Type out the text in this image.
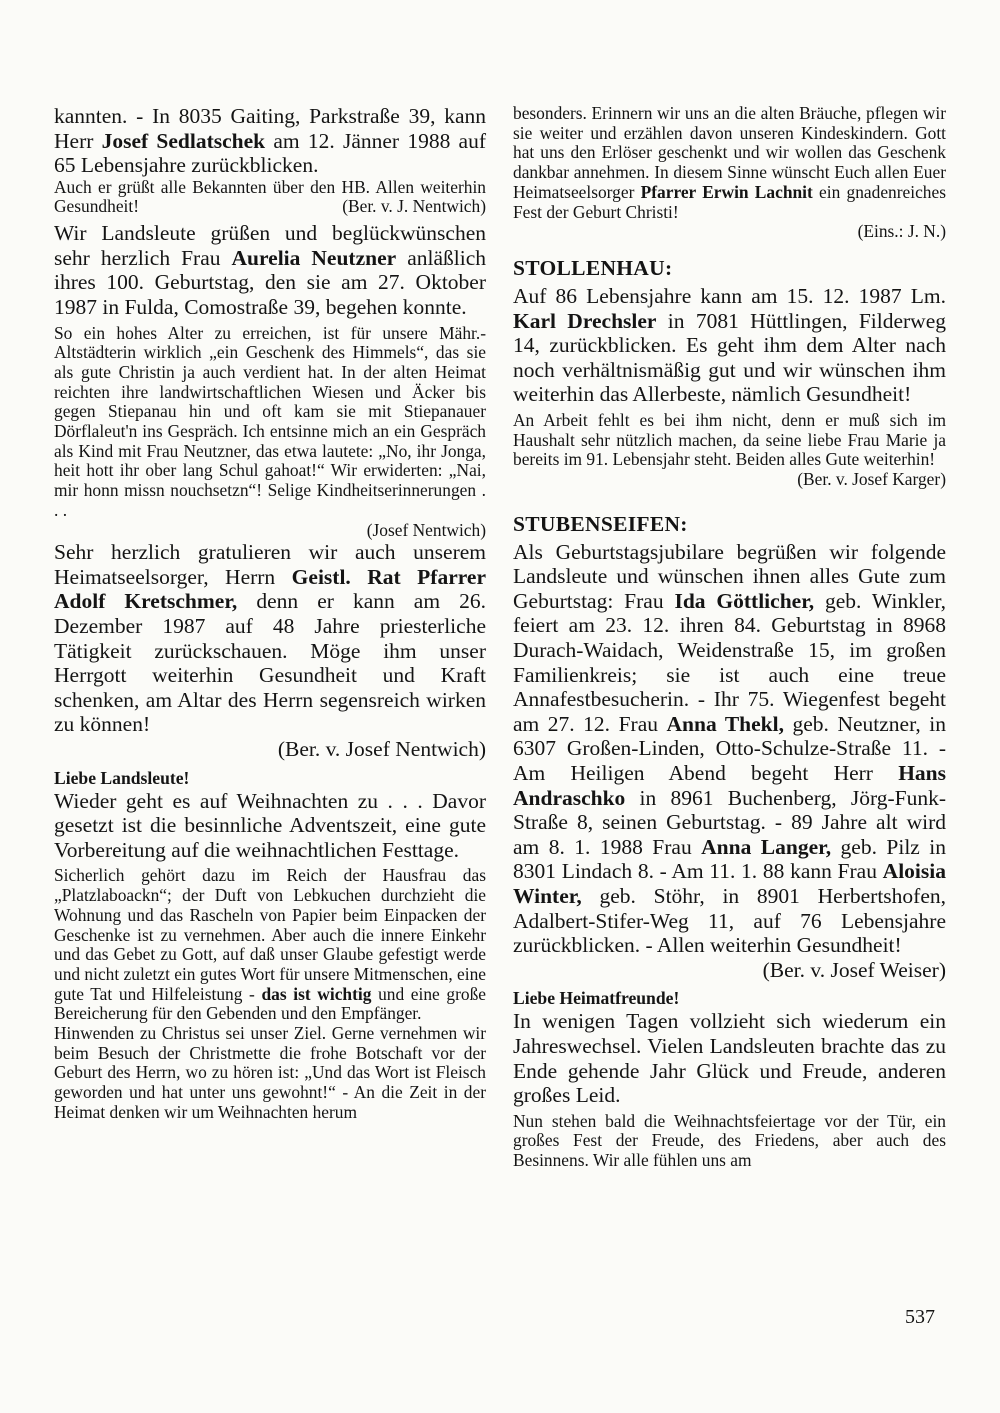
kannten. - In 8035 Gaiting, Parkstraße 39, kann Herr Josef Sedlatschek am 12. Jänner 1988 auf 65 Lebensjahre zurückblicken.

Auch er grüßt alle Bekannten über den HB. Allen weiterhin Gesundheit!	(Ber. v. J. Nentwich)

Wir Landsleute grüßen und beglückwünschen sehr herzlich Frau Aurelia Neutzner anläßlich ihres 100. Geburtstag, den sie am 27. Oktober 1987 in Fulda, Comostraße 39, begehen konnte.

So ein hohes Alter zu erreichen, ist für unsere Mähr.-Altstädterin wirklich „ein Geschenk des Himmels“, das sie als gute Christin ja auch verdient hat. In der alten Heimat reichten ihre landwirtschaftlichen Wiesen und Äcker bis gegen Stiepanau hin und oft kam sie mit Stiepanauer Dörflaleut'n ins Gespräch. Ich entsinne mich an ein Gespräch als Kind mit Frau Neutzner, das etwa lautete: „No, ihr Jonga, heit hott ihr ober lang Schul gahoat!“ Wir erwiderten: „Nai, mir honn missn nouchsetzn“! Selige Kindheitserinnerungen . . .
(Josef Nentwich)

Sehr herzlich gratulieren wir auch unserem Heimatseelsorger, Herrn Geistl. Rat Pfarrer Adolf Kretschmer, denn er kann am 26. Dezember 1987 auf 48 Jahre priesterliche Tätigkeit zurückschauen. Möge ihm unser Herrgott weiterhin Gesundheit und Kraft schenken, am Altar des Herrn segensreich wirken zu können!
(Ber. v. Josef Nentwich)

Liebe Landsleute!

Wieder geht es auf Weihnachten zu . . . Davor gesetzt ist die besinnliche Adventszeit, eine gute Vorbereitung auf die weihnachtlichen Festtage.

Sicherlich gehört dazu im Reich der Hausfrau das „Platzlaboackn“; der Duft von Lebkuchen durchzieht die Wohnung und das Rascheln von Papier beim Einpacken der Geschenke ist zu vernehmen. Aber auch die innere Einkehr und das Gebet zu Gott, auf daß unser Glaube gefestigt werde und nicht zuletzt ein gutes Wort für unsere Mitmenschen, eine gute Tat und Hilfeleistung - das ist wichtig und eine große Bereicherung für den Gebenden und den Empfänger.

Hinwenden zu Christus sei unser Ziel. Gerne vernehmen wir beim Besuch der Christmette die frohe Botschaft vor der Geburt des Herrn, wo zu hören ist: „Und das Wort ist Fleisch geworden und hat unter uns gewohnt!“ - An die Zeit in der Heimat denken wir um Weihnachten herum

besonders. Erinnern wir uns an die alten Bräuche, pflegen wir sie weiter und erzählen davon unseren Kindeskindern. Gott hat uns den Erlöser geschenkt und wir wollen das Geschenk dankbar annehmen. In diesem Sinne wünscht Euch allen Euer Heimatseelsorger Pfarrer Erwin Lachnit ein gnadenreiches Fest der Geburt Christi!
(Eins.: J. N.)

STOLLENHAU:

Auf 86 Lebensjahre kann am 15. 12. 1987 Lm. Karl Drechsler in 7081 Hüttlingen, Filderweg 14, zurückblicken. Es geht ihm dem Alter nach noch verhältnismäßig gut und wir wünschen ihm weiterhin das Allerbeste, nämlich Gesundheit!

An Arbeit fehlt es bei ihm nicht, denn er muß sich im Haushalt sehr nützlich machen, da seine liebe Frau Marie ja bereits im 91. Lebensjahr steht. Beiden alles Gute weiterhin!
(Ber. v. Josef Karger)

STUBENSEIFEN:

Als Geburtstagsjubilare begrüßen wir folgende Landsleute und wünschen ihnen alles Gute zum Geburtstag: Frau Ida Göttlicher, geb. Winkler, feiert am 23. 12. ihren 84. Geburtstag in 8968 Durach-Waidach, Weidenstraße 15, im großen Familienkreis; sie ist auch eine treue Annafestbesucherin. - Ihr 75. Wiegenfest begeht am 27. 12. Frau Anna Thekl, geb. Neutzner, in 6307 Großen-Linden, Otto-Schulze-Straße 11. - Am Heiligen Abend begeht Herr Hans Andraschko in 8961 Buchenberg, Jörg-Funk-Straße 8, seinen Geburtstag. - 89 Jahre alt wird am 8. 1. 1988 Frau Anna Langer, geb. Pilz in 8301 Lindach 8. - Am 11. 1. 88 kann Frau Aloisia Winter, geb. Stöhr, in 8901 Herbertshofen, Adalbert-Stifer-Weg 11, auf 76 Lebensjahre zurückblicken. - Allen weiterhin Gesundheit!
(Ber. v. Josef Weiser)

Liebe Heimatfreunde!

In wenigen Tagen vollzieht sich wiederum ein Jahreswechsel. Vielen Landsleuten brachte das zu Ende gehende Jahr Glück und Freude, anderen großes Leid.

Nun stehen bald die Weihnachtsfeiertage vor der Tür, ein großes Fest der Freude, des Friedens, aber auch des Besinnens. Wir alle fühlen uns am

537
